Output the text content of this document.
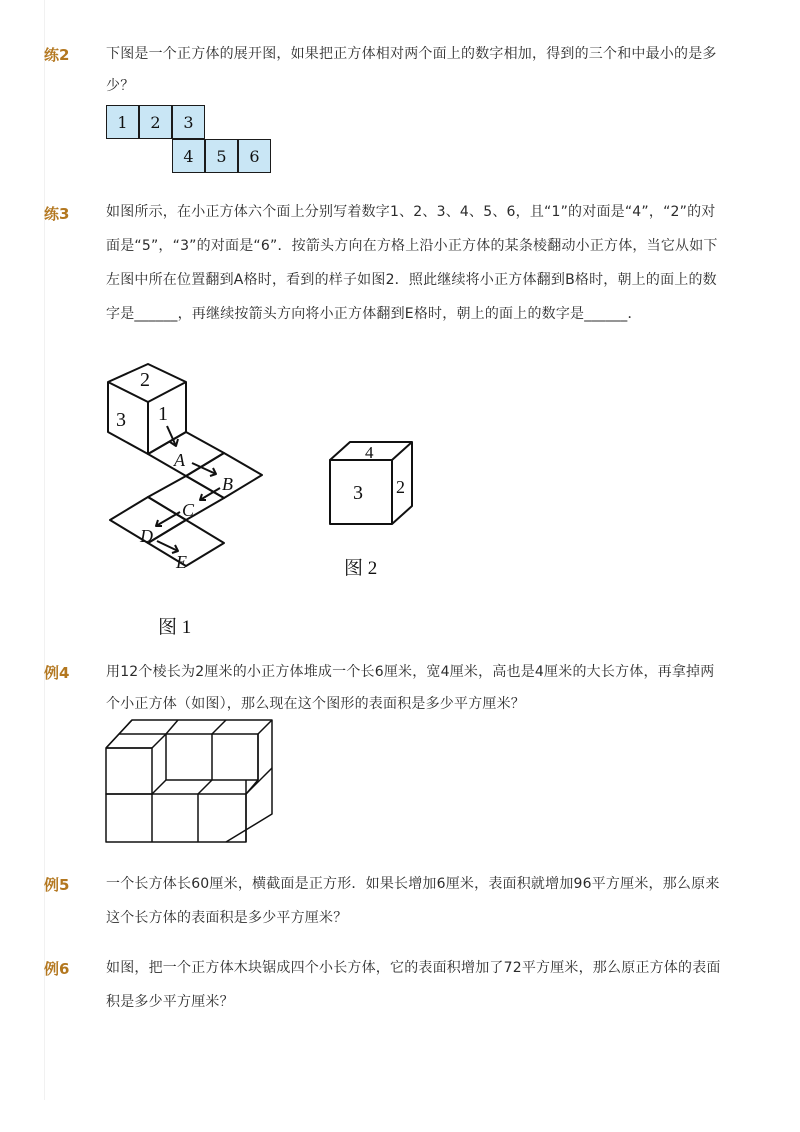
练2	下图是一个正方体的展开图，如果把正方体相对两个面上的数字相加，得到的三个和中最小的是多少？
1	2	3
4	5	6
练3	如图所示，在小正方体六个面上分别写着数字1、2、3、4、5、6，且“1”的对面是“4”，“2”的对面是“5”，“3”的对面是“6”．按箭头方向在方格上沿小正方体的某条棱翻动小正方体，当它从如下左图中所在位置翻到A格时，看到的样子如图2．照此继续将小正方体翻到B格时，朝上的面上的数字是______，再继续按箭头方向将小正方体翻到E格时，朝上的面上的数字是______．
2
3 1
A
B
C
D
E
图 1
4
3 2
图 2
例4	用12个棱长为2厘米的小正方体堆成一个长6厘米，宽4厘米，高也是4厘米的大长方体，再拿掉两个小正方体（如图），那么现在这个图形的表面积是多少平方厘米？
例5	一个长方体长60厘米，横截面是正方形．如果长增加6厘米，表面积就增加96平方厘米，那么原来这个长方体的表面积是多少平方厘米？
例6	如图，把一个正方体木块锯成四个小长方体，它的表面积增加了72平方厘米，那么原正方体的表面积是多少平方厘米？
